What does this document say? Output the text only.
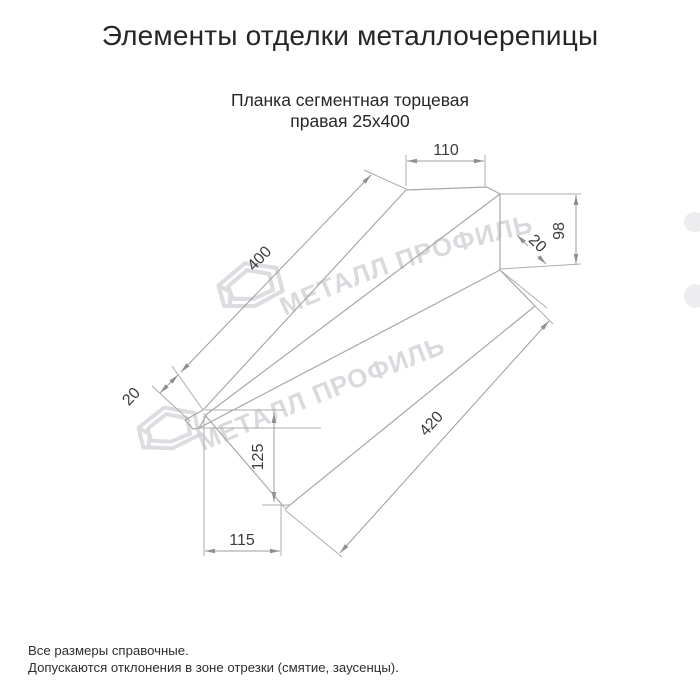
Элементы отделки металлочерепицы
Планка сегментная торцевая
правая 25х400
МЕТАЛЛ ПРОФИЛЬ
МЕТАЛЛ ПРОФИЛЬ
110
98
20
400
20
420
125
115
Все размеры справочные.
Допускаются отклонения в зоне отрезки (смятие, заусенцы).
